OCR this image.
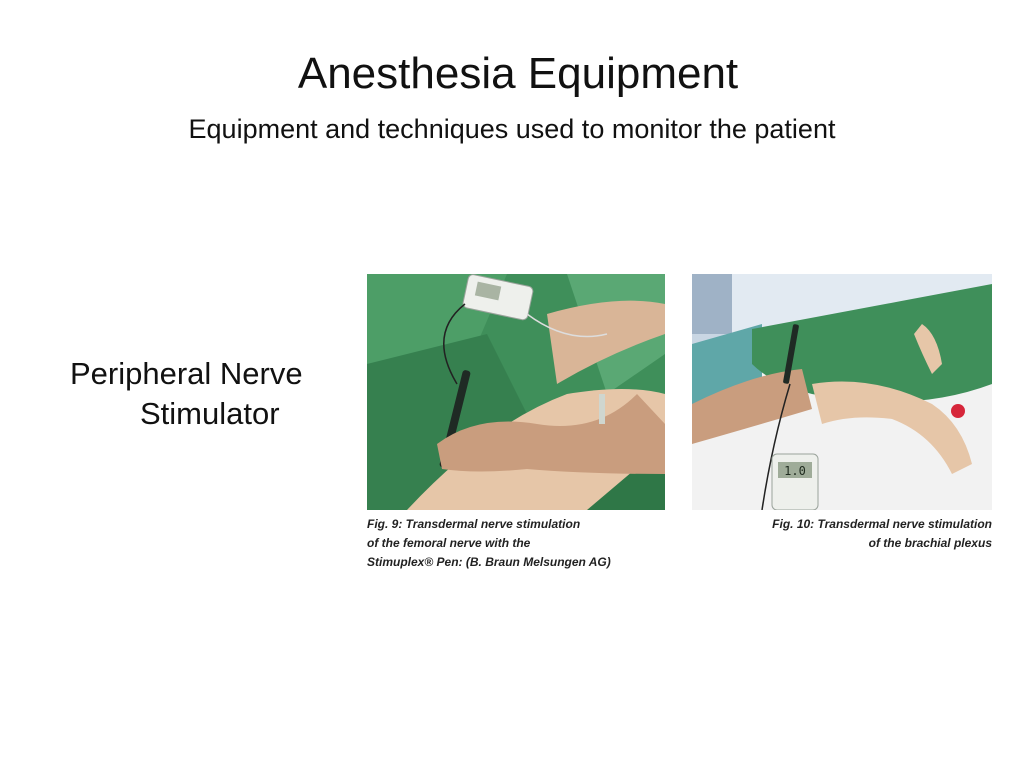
Anesthesia Equipment
Equipment and techniques used to monitor the patient
Peripheral Nerve
Stimulator
1.0
Fig. 9: Transdermal nerve stimulation
of the femoral nerve with the
Stimuplex® Pen: (B. Braun Melsungen AG)
Fig. 10: Transdermal nerve stimulation
of the brachial plexus
